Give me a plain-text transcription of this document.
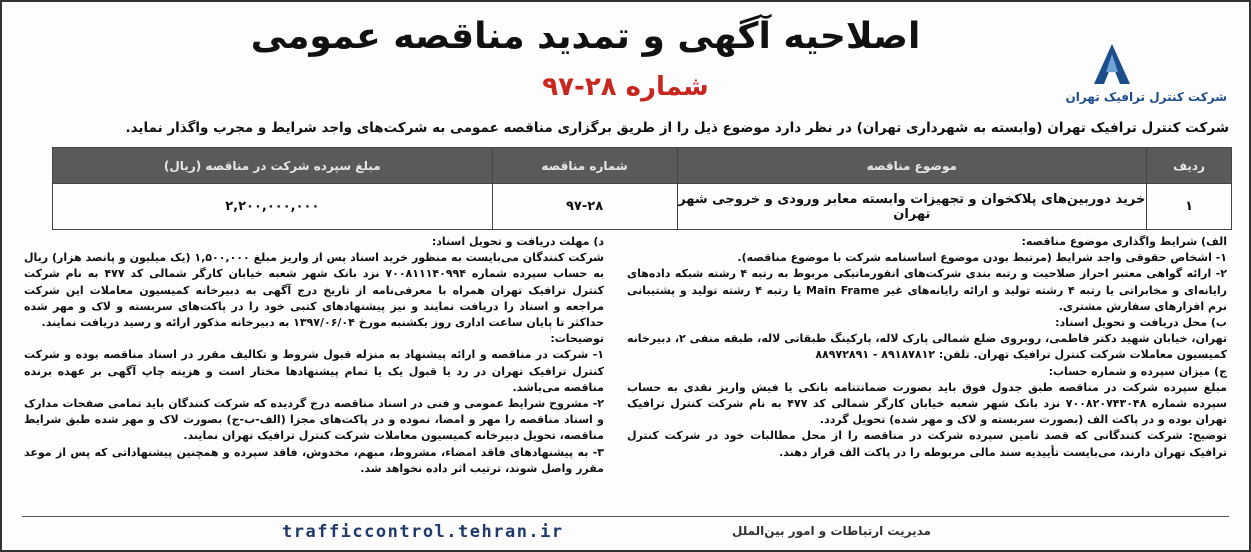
شرکت کنترل ترافیک تهران
اصلاحیه آگهی و تمدید مناقصه عمومی
شماره ۲۸-۹۷
شرکت کنترل ترافیک تهران (وابسته به شهرداری تهران) در نظر دارد موضوع ذیل را از طریق برگزاری مناقصه عمومی به شرکت‌های واجد شرایط و مجرب واگذار نماید.
ردیف	موضوع مناقصه	شماره مناقصه	مبلغ سپرده شرکت در مناقصه (ریال)
۱	خرید دوربین‌های پلاکخوان و تجهیزات وابسته معابر ورودی و خروجی شهر تهران	۹۷-۲۸	۲,۲۰۰,۰۰۰,۰۰۰

الف) شرایط واگذاری موضوع مناقصه:

۱- اشخاص حقوقی واجد شرایط (مرتبط بودن موضوع اساسنامه شرکت با موضوع مناقصه).

۲- ارائه گواهی معتبر احراز صلاحیت و رتبه بندی شرکت‌های انفورماتیکی مربوط به رتبه ۴ رشته شبکه داده‌های رایانه‌ای و مخابراتی یا رتبه ۴ رشته تولید و ارائه رایانه‌های غیر Main Frame یا رتبه ۴ رشته تولید و پشتیبانی نرم افزارهای سفارش مشتری.

ب) محل دریافت و تحویل اسناد:

تهران، خیابان شهید دکتر فاطمی، روبروی ضلع شمالی پارک لاله، پارکینگ طبقاتی لاله، طبقه منفی ۲، دبیرخانه کمیسیون معاملات شرکت کنترل ترافیک تهران. تلفن: ۸۹۱۸۷۸۱۲ - ۸۸۹۷۲۸۹۱

ج) میزان سپرده و شماره حساب:

مبلغ سپرده شرکت در مناقصه طبق جدول فوق باید بصورت ضمانتنامه بانکی یا فیش واریز نقدی به حساب سپرده شماره ۷۰۰۸۲۰۷۴۳۰۴۸ نزد بانک شهر شعبه خیابان کارگر شمالی کد ۴۷۷ به نام شرکت کنترل ترافیک تهران بوده و در پاکت الف (بصورت سربسته و لاک و مهر شده) تحویل گردد.

توضیح: شرکت کنندگانی که قصد تامین سپرده شرکت در مناقصه را از محل مطالبات خود در شرکت کنترل ترافیک تهران دارند، می‌بایست تأییدیه سند مالی مربوطه را در پاکت الف قرار دهند.

د) مهلت دریافت و تحویل اسناد:

شرکت کنندگان می‌بایست به منظور خرید اسناد پس از واریز مبلغ ۱,۵۰۰,۰۰۰ (یک میلیون و پانصد هزار) ریال به حساب سپرده شماره ۷۰۰۸۱۱۱۴۰۹۹۴ نزد بانک شهر شعبه خیابان کارگر شمالی کد ۴۷۷ به نام شرکت کنترل ترافیک تهران همراه با معرفی‌نامه از تاریخ درج آگهی به دبیرخانه کمیسیون معاملات این شرکت مراجعه و اسناد را دریافت نمایند و نیز پیشنهادهای کتبی خود را در پاکت‌های سربسته و لاک و مهر شده حداکثر تا پایان ساعت اداری روز یکشنبه مورخ ۱۳۹۷/۰۶/۰۴ به دبیرخانه مذکور ارائه و رسید دریافت نمایند.

توضیحات:

۱- شرکت در مناقصه و ارائه پیشنهاد به منزله قبول شروط و تکالیف مقرر در اسناد مناقصه بوده و شرکت کنترل ترافیک تهران در رد یا قبول یک یا تمام پیشنهادها مختار است و هزینه چاپ آگهی بر عهده برنده مناقصه می‌باشد.

۲- مشروح شرایط عمومی و فنی در اسناد مناقصه درج گردیده که شرکت کنندگان باید تمامی صفحات مدارک و اسناد مناقصه را مهر و امضا، نموده و در پاکت‌های مجزا (الف-ب-ج) بصورت لاک و مهر شده طبق شرایط مناقصه، تحویل دبیرخانه کمیسیون معاملات شرکت کنترل ترافیک تهران نمایند.

۳- به پیشنهادهای فاقد امضاء، مشروط، مبهم، مخدوش، فاقد سپرده و همچنین پیشنهاداتی که پس از موعد مقرر واصل شوند، ترتیب اثر داده نخواهد شد.

trafficcontrol.tehran.ir	مدیریت ارتباطات و امور بین‌الملل
